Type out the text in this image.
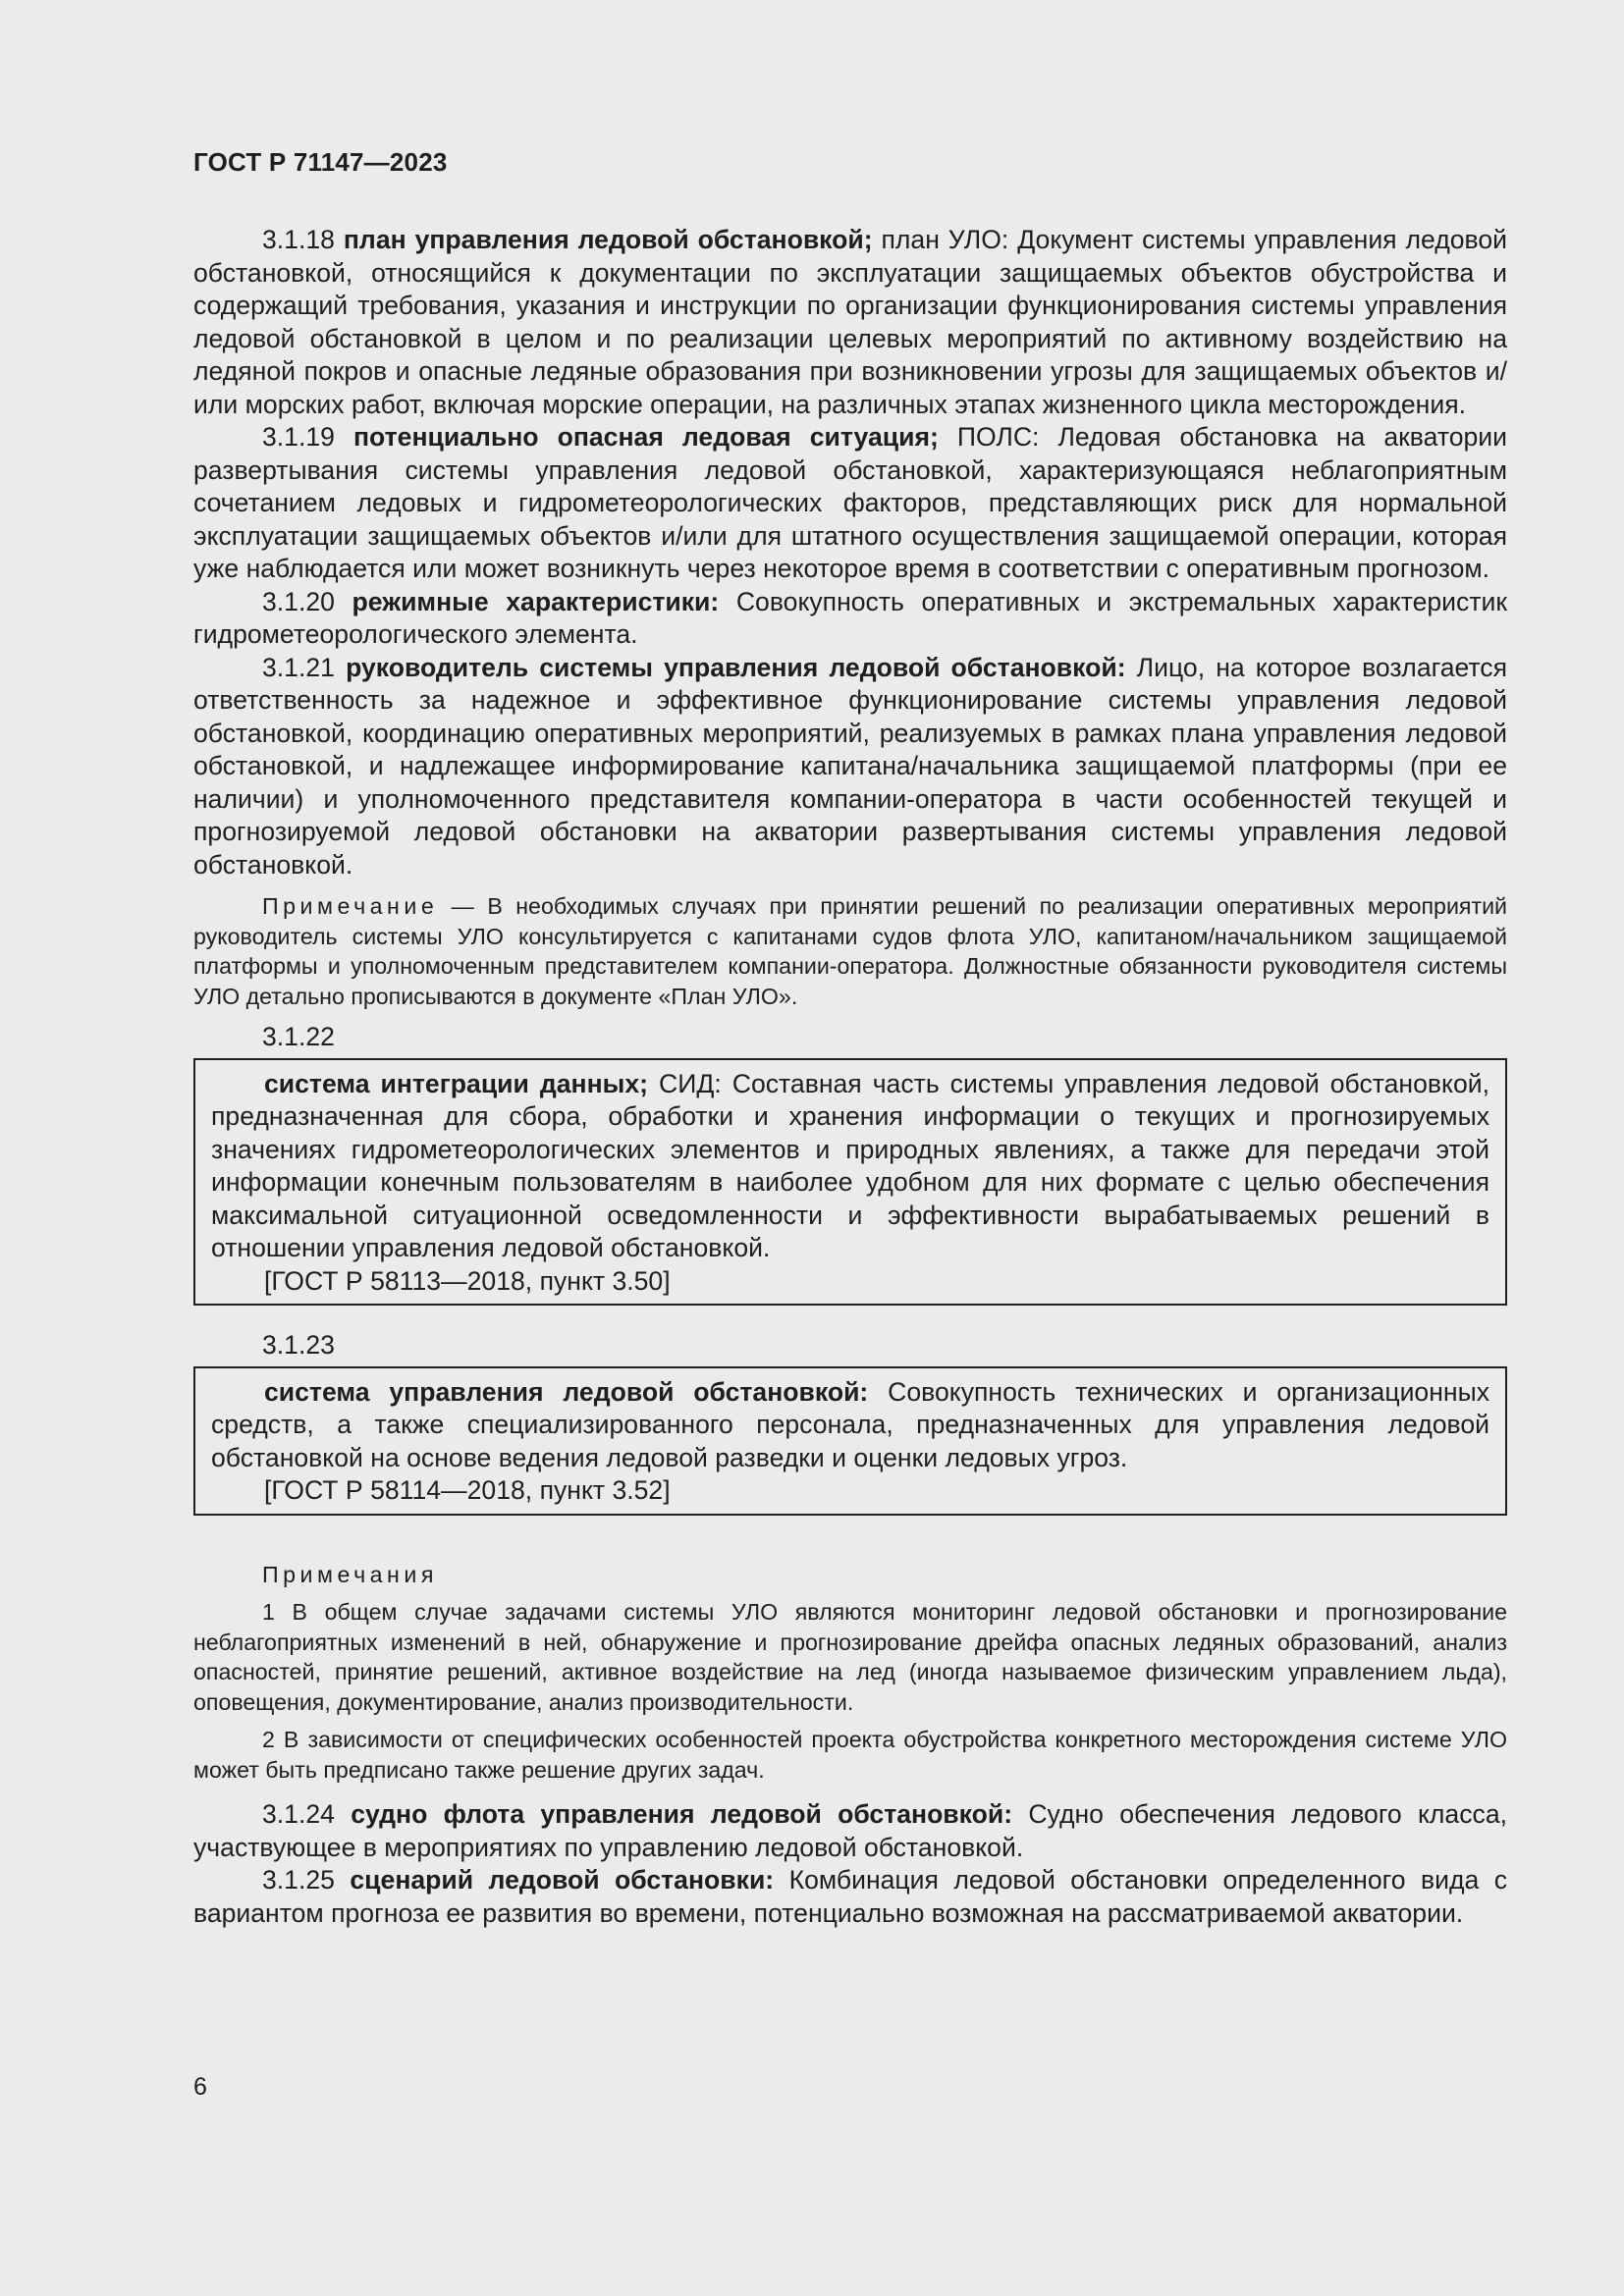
ГОСТ Р 71147—2023

3.1.18 план управления ледовой обстановкой; план УЛО: Документ системы управления ледовой обстановкой, относящийся к документации по эксплуатации защищаемых объектов обустройства и содержащий требования, указания и инструкции по организации функционирования системы управления ледовой обстановкой в целом и по реализации целевых мероприятий по активному воздействию на ледяной покров и опасные ледяные образования при возникновении угрозы для защищаемых объектов и/или морских работ, включая морские операции, на различных этапах жизненного цикла месторождения.

3.1.19 потенциально опасная ледовая ситуация; ПОЛС: Ледовая обстановка на акватории развертывания системы управления ледовой обстановкой, характеризующаяся неблагоприятным сочетанием ледовых и гидрометеорологических факторов, представляющих риск для нормальной эксплуатации защищаемых объектов и/или для штатного осуществления защищаемой операции, которая уже наблюдается или может возникнуть через некоторое время в соответствии с оперативным прогнозом.

3.1.20 режимные характеристики: Совокупность оперативных и экстремальных характеристик гидрометеорологического элемента.

3.1.21 руководитель системы управления ледовой обстановкой: Лицо, на которое возлагается ответственность за надежное и эффективное функционирование системы управления ледовой обстановкой, координацию оперативных мероприятий, реализуемых в рамках плана управления ледовой обстановкой, и надлежащее информирование капитана/начальника защищаемой платформы (при ее наличии) и уполномоченного представителя компании-оператора в части особенностей текущей и прогнозируемой ледовой обстановки на акватории развертывания системы управления ледовой обстановкой.

Примечание — В необходимых случаях при принятии решений по реализации оперативных мероприятий руководитель системы УЛО консультируется с капитанами судов флота УЛО, капитаном/начальником защищаемой платформы и уполномоченным представителем компании-оператора. Должностные обязанности руководителя системы УЛО детально прописываются в документе «План УЛО».

3.1.22

система интеграции данных; СИД: Составная часть системы управления ледовой обстановкой, предназначенная для сбора, обработки и хранения информации о текущих и прогнозируемых значениях гидрометеорологических элементов и природных явлениях, а также для передачи этой информации конечным пользователям в наиболее удобном для них формате с целью обеспечения максимальной ситуационной осведомленности и эффективности вырабатываемых решений в отношении управления ледовой обстановкой.

[ГОСТ Р 58113—2018, пункт 3.50]

3.1.23

система управления ледовой обстановкой: Совокупность технических и организационных средств, а также специализированного персонала, предназначенных для управления ледовой обстановкой на основе ведения ледовой разведки и оценки ледовых угроз.

[ГОСТ Р 58114—2018, пункт 3.52]

Примечания

1 В общем случае задачами системы УЛО являются мониторинг ледовой обстановки и прогнозирование неблагоприятных изменений в ней, обнаружение и прогнозирование дрейфа опасных ледяных образований, анализ опасностей, принятие решений, активное воздействие на лед (иногда называемое физическим управлением льда), оповещения, документирование, анализ производительности.

2 В зависимости от специфических особенностей проекта обустройства конкретного месторождения системе УЛО может быть предписано также решение других задач.

3.1.24 судно флота управления ледовой обстановкой: Судно обеспечения ледового класса, участвующее в мероприятиях по управлению ледовой обстановкой.

3.1.25 сценарий ледовой обстановки: Комбинация ледовой обстановки определенного вида с вариантом прогноза ее развития во времени, потенциально возможная на рассматриваемой акватории.

6
